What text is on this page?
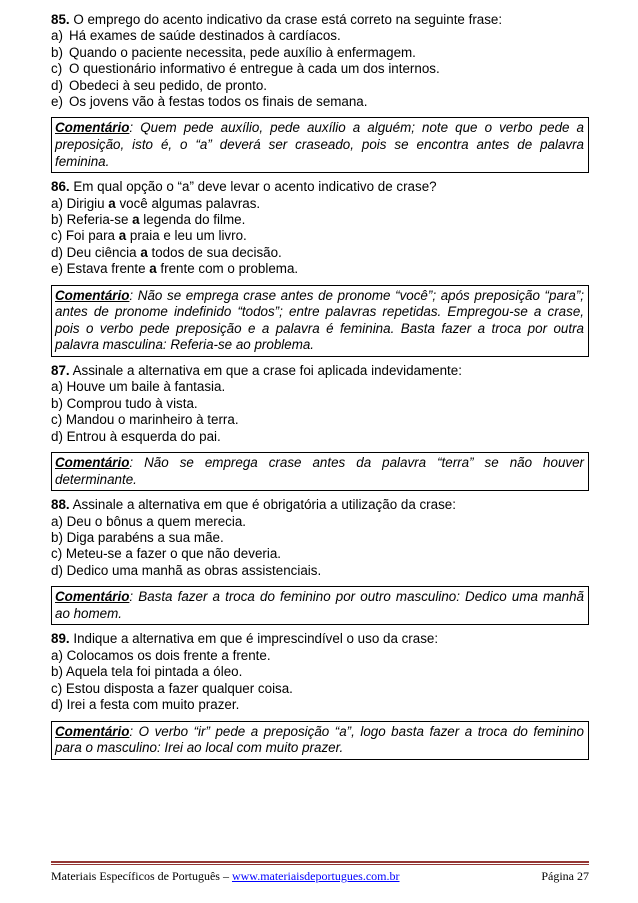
85. O emprego do acento indicativo da crase está correto na seguinte frase:
a) Há exames de saúde destinados à cardíacos.
b) Quando o paciente necessita, pede auxílio à enfermagem.
c) O questionário informativo é entregue à cada um dos internos.
d) Obedeci à seu pedido, de pronto.
e) Os jovens vão à festas todos os finais de semana.
Comentário: Quem pede auxílio, pede auxílio a alguém; note que o verbo pede a preposição, isto é, o “a” deverá ser craseado, pois se encontra antes de palavra feminina.
86. Em qual opção o “a” deve levar o acento indicativo de crase?
a) Dirigiu a você algumas palavras.
b) Referia-se a legenda do filme.
c) Foi para a praia e leu um livro.
d) Deu ciência a todos de sua decisão.
e) Estava frente a frente com o problema.
Comentário: Não se emprega crase antes de pronome “você”; após preposição “para”; antes de pronome indefinido “todos”; entre palavras repetidas. Empregou-se a crase, pois o verbo pede preposição e a palavra é feminina. Basta fazer a troca por outra palavra masculina: Referia-se ao problema.
87. Assinale a alternativa em que a crase foi aplicada indevidamente:
a) Houve um baile à fantasia.
b) Comprou tudo à vista.
c) Mandou o marinheiro à terra.
d) Entrou à esquerda do pai.
Comentário: Não se emprega crase antes da palavra “terra” se não houver determinante.
88. Assinale a alternativa em que é obrigatória a utilização da crase:
a) Deu o bônus a quem merecia.
b) Diga parabéns a sua mãe.
c) Meteu-se a fazer o que não deveria.
d) Dedico uma manhã as obras assistenciais.
Comentário: Basta fazer a troca do feminino por outro masculino: Dedico uma manhã ao homem.
89. Indique a alternativa em que é imprescindível o uso da crase:
a) Colocamos os dois frente a frente.
b) Aquela tela foi pintada a óleo.
c) Estou disposta a fazer qualquer coisa.
d) Irei a festa com muito prazer.
Comentário: O verbo “ir” pede a preposição “a”, logo basta fazer a troca do feminino para o masculino: Irei ao local com muito prazer.
Materiais Específicos de Português – www.materiaisdeportugues.com.br	Página 27
